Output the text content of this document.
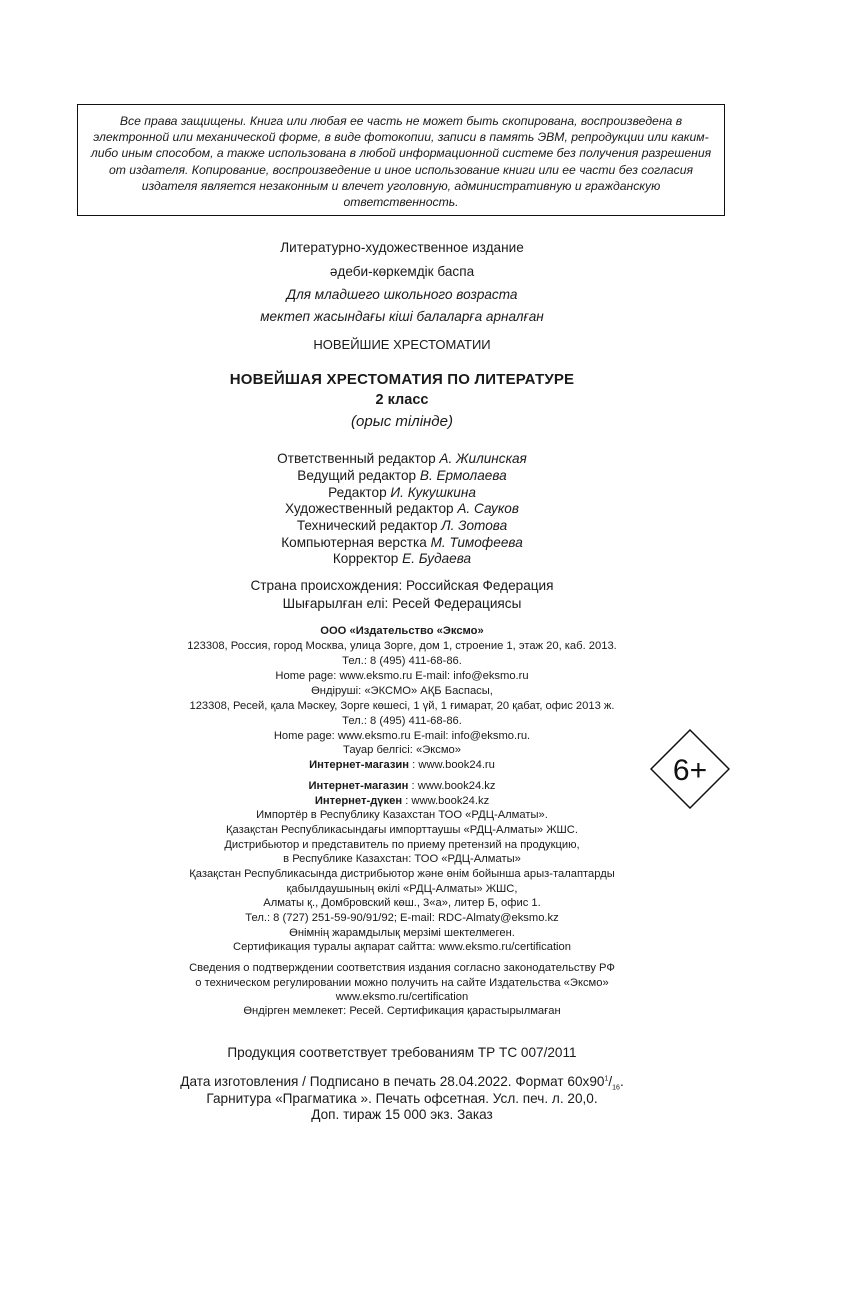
Все права защищены. Книга или любая ее часть не может быть скопирована, воспроизведена в электронной или механической форме, в виде фотокопии, записи в память ЭВМ, репродукции или каким-либо иным способом, а также использована в любой информационной системе без получения разрешения от издателя. Копирование, воспроизведение и иное использование книги или ее части без согласия издателя является незаконным и влечет уголовную, административную и гражданскую ответственность.

Литературно-художественное издание
әдеби-көркемдік баспа
Для младшего школьного возраста
мектеп жасындағы кіші балаларға арналған
НОВЕЙШИЕ ХРЕСТОМАТИИ
НОВЕЙШАЯ ХРЕСТОМАТИЯ ПО ЛИТЕРАТУРЕ
2 класс
(орыс тілінде)
Ответственный редактор А. Жилинская
Ведущий редактор В. Ермолаева
Редактор И. Кукушкина
Художественный редактор А. Сауков
Технический редактор Л. Зотова
Компьютерная верстка М. Тимофеева
Корректор Е. Будаева
Страна происхождения: Российская Федерация
Шығарылған елі: Ресей Федерациясы
ООО «Издательство «Эксмо»
123308, Россия, город Москва, улица Зорге, дом 1, строение 1, этаж 20, каб. 2013.
Тел.: 8 (495) 411-68-86.
Home page: www.eksmo.ru E-mail: info@eksmo.ru
Өндіруші: «ЭКСМО» АҚБ Баспасы,
123308, Ресей, қала Мәскеу, Зорге көшесі, 1 үй, 1 ғимарат, 20 қабат, офис 2013 ж.
Тел.: 8 (495) 411-68-86.
Home page: www.eksmo.ru E-mail: info@eksmo.ru.
Тауар белгісі: «Эксмо»
Интернет-магазин : www.book24.ru
Интернет-магазин : www.book24.kz
Интернет-дүкен : www.book24.kz
Импортёр в Республику Казахстан ТОО «РДЦ-Алматы».
Қазақстан Республикасындағы импорттаушы «РДЦ-Алматы» ЖШС.
Дистрибьютор и представитель по приему претензий на продукцию,
в Республике Казахстан: ТОО «РДЦ-Алматы»
Қазақстан Республикасында дистрибьютор және өнім бойынша арыз-талаптарды
қабылдаушының өкілі «РДЦ-Алматы» ЖШС,
Алматы қ., Домбровский көш., 3«а», литер Б, офис 1.
Тел.: 8 (727) 251-59-90/91/92; E-mail: RDC-Almaty@eksmo.kz
Өнімнің жарамдылық мерзімі шектелмеген.
Сертификация туралы ақпарат сайтта: www.eksmo.ru/certification
Сведения о подтверждении соответствия издания согласно законодательству РФ
о техническом регулировании можно получить на сайте Издательства «Эксмо»
www.eksmo.ru/certification
Өндірген мемлекет: Ресей. Сертификация қарастырылмаған
Продукция соответствует требованиям ТР ТС 007/2011
Дата изготовления / Подписано в печать 28.04.2022. Формат $60х90^1/_{16}$.
Гарнитура «Прагматика ». Печать офсетная. Усл. печ. л. 20,0.
Доп. тираж 15 000 экз. Заказ
6+
